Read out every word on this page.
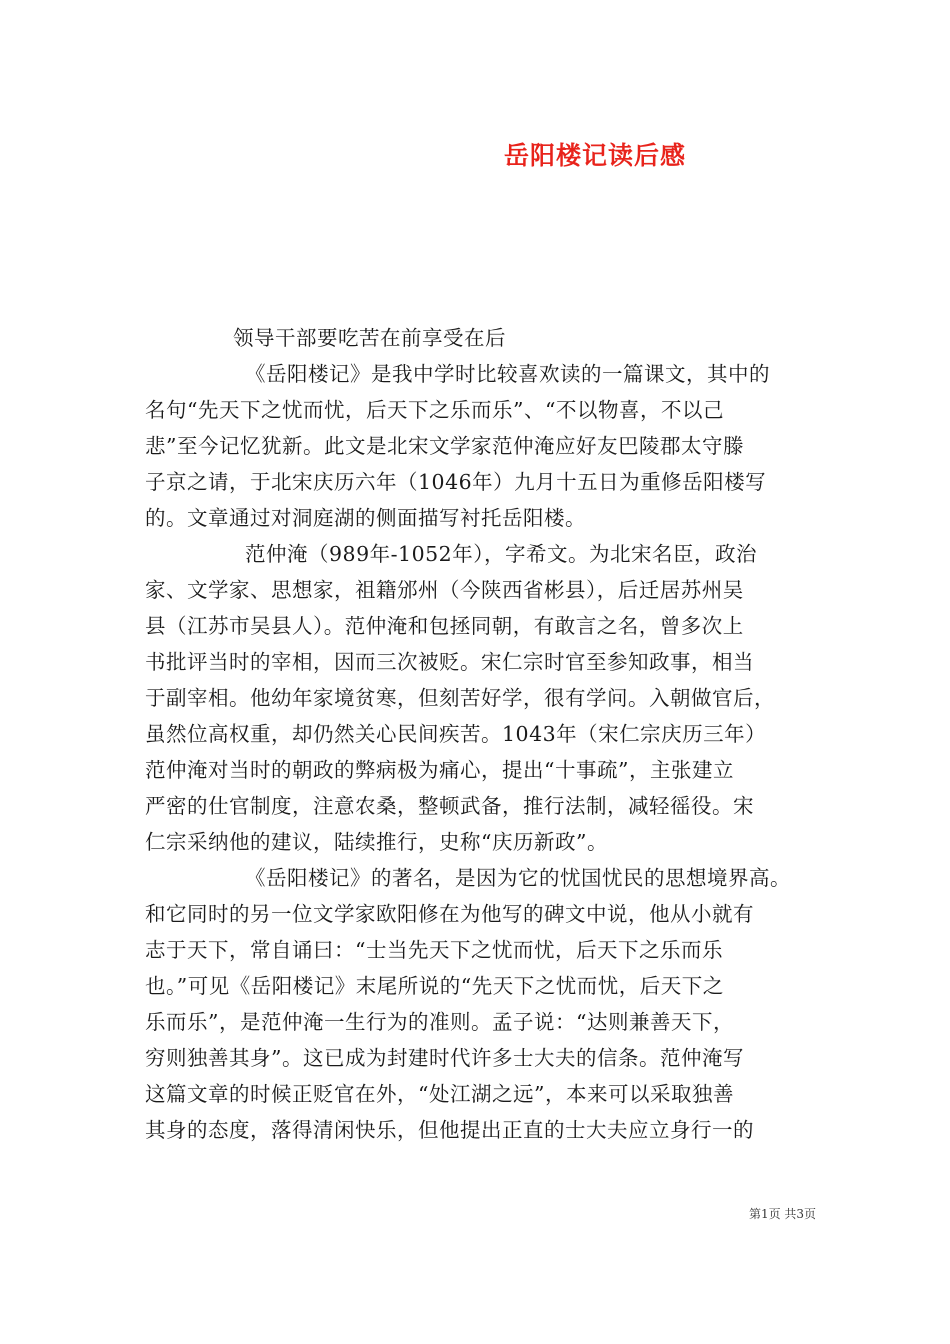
岳阳楼记读后感
领导干部要吃苦在前享受在后
《岳阳楼记》是我中学时比较喜欢读的一篇课文，其中的
名句“先天下之忧而忧，后天下之乐而乐”、“不以物喜，不以己
悲”至今记忆犹新。此文是北宋文学家范仲淹应好友巴陵郡太守滕
子京之请，于北宋庆历六年（1046年）九月十五日为重修岳阳楼写
的。文章通过对洞庭湖的侧面描写衬托岳阳楼。
范仲淹（989年-1052年），字希文。为北宋名臣，政治
家、文学家、思想家，祖籍邠州（今陕西省彬县），后迁居苏州吴
县（江苏市吴县人）。范仲淹和包拯同朝，有敢言之名，曾多次上
书批评当时的宰相，因而三次被贬。宋仁宗时官至参知政事，相当
于副宰相。他幼年家境贫寒，但刻苦好学，很有学问。入朝做官后，
虽然位高权重，却仍然关心民间疾苦。1043年（宋仁宗庆历三年）
范仲淹对当时的朝政的弊病极为痛心，提出“十事疏”，主张建立
严密的仕官制度，注意农桑，整顿武备，推行法制，减轻徭役。宋
仁宗采纳他的建议，陆续推行，史称“庆历新政”。
《岳阳楼记》的著名，是因为它的忧国忧民的思想境界高。
和它同时的另一位文学家欧阳修在为他写的碑文中说，他从小就有
志于天下，常自诵曰：“士当先天下之忧而忧，后天下之乐而乐
也。”可见《岳阳楼记》末尾所说的“先天下之忧而忧，后天下之
乐而乐”，是范仲淹一生行为的准则。孟子说：“达则兼善天下，
穷则独善其身”。这已成为封建时代许多士大夫的信条。范仲淹写
这篇文章的时候正贬官在外，“处江湖之远”，本来可以采取独善
其身的态度，落得清闲快乐，但他提出正直的士大夫应立身行一的
第1页 共3页
